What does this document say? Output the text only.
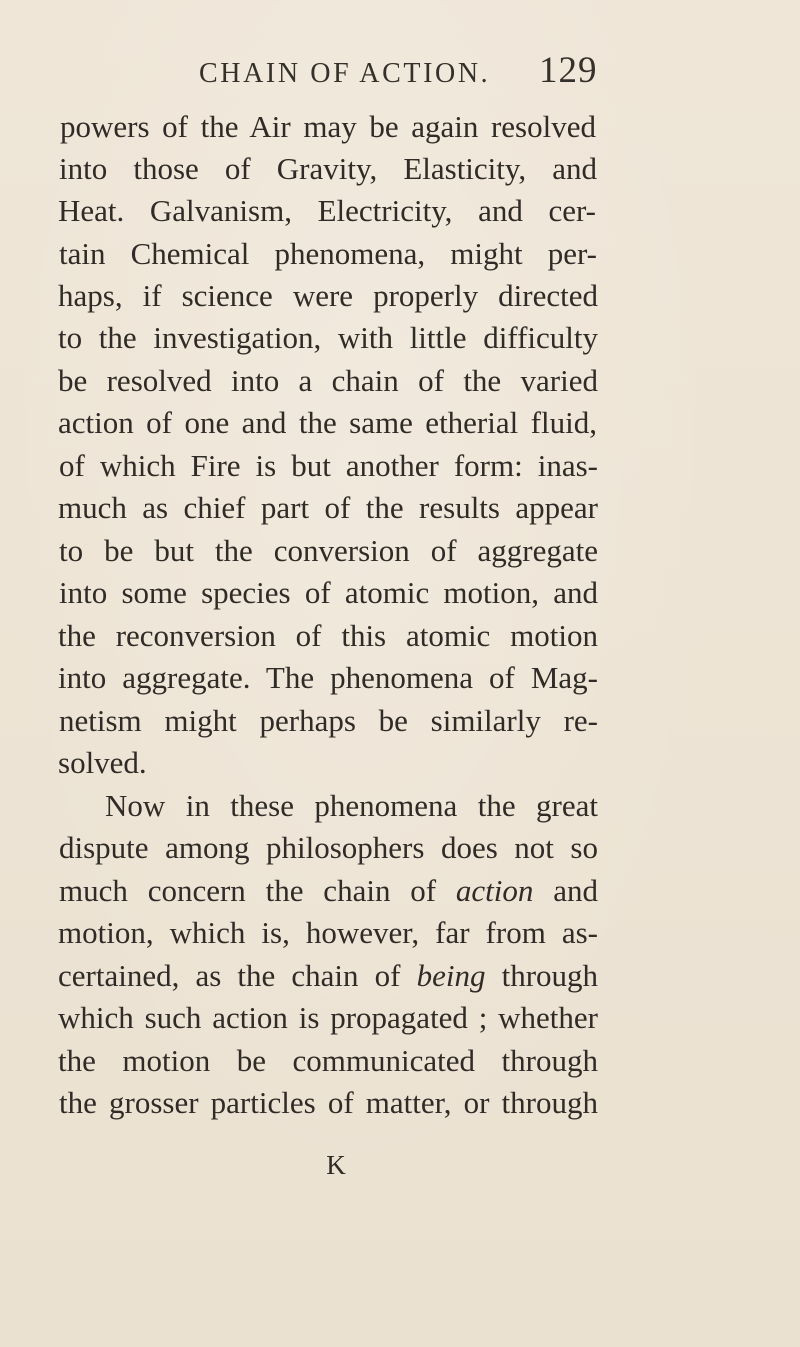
CHAIN OF ACTION. 129
powers of the Air may be again resolved
into those of Gravity, Elasticity, and
Heat. Galvanism, Electricity, and cer-
tain Chemical phenomena, might per-
haps, if science were properly directed
to the investigation, with little difficulty
be resolved into a chain of the varied
action of one and the same etherial fluid,
of which Fire is but another form: inas-
much as chief part of the results appear
to be but the conversion of aggregate
into some species of atomic motion, and
the reconversion of this atomic motion
into aggregate. The phenomena of Mag-
netism might perhaps be similarly re-
solved.
Now in these phenomena the great
dispute among philosophers does not so
much concern the chain of action and
motion, which is, however, far from as-
certained, as the chain of being through
which such action is propagated ; whether
the motion be communicated through
the grosser particles of matter, or through
K
